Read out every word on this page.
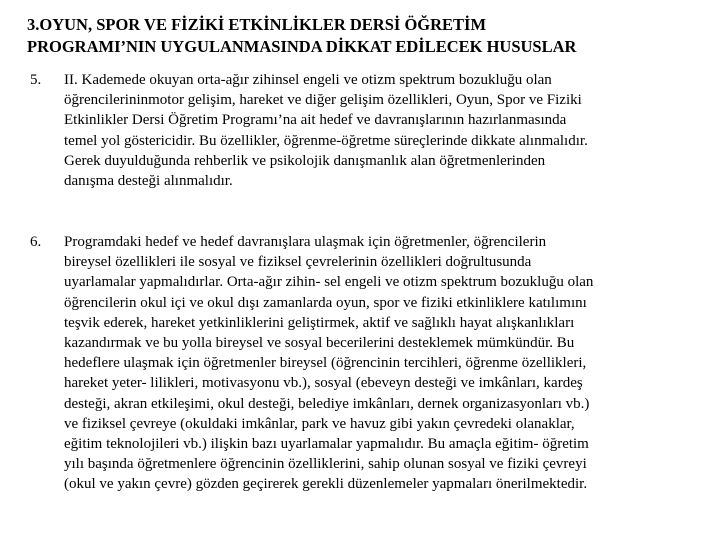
3.OYUN, SPOR VE FİZİKİ ETKİNLİKLER DERSİ ÖĞRETİM
PROGRAMI’NIN UYGULANMASINDA DİKKAT EDİLECEK HUSUSLAR
5.	II. Kademede okuyan orta-ağır zihinsel engeli ve otizm spektrum bozukluğu olan
öğrencilerininmotor gelişim, hareket ve diğer gelişim özellikleri, Oyun, Spor ve Fiziki
Etkinlikler Dersi Öğretim Programı’na ait hedef ve davranışlarının hazırlanmasında
temel yol göstericidir. Bu özellikler, öğrenme-öğretme süreçlerinde dikkate alınmalıdır.
Gerek duyulduğunda rehberlik ve psikolojik danışmanlık alan öğretmenlerinden
danışma desteği alınmalıdır.
6.	Programdaki hedef ve hedef davranışlara ulaşmak için öğretmenler, öğrencilerin
bireysel özellikleri ile sosyal ve fiziksel çevrelerinin özellikleri doğrultusunda
uyarlamalar yapmalıdırlar. Orta-ağır zihin- sel engeli ve otizm spektrum bozukluğu olan
öğrencilerin okul içi ve okul dışı zamanlarda oyun, spor ve fiziki etkinliklere katılımını
teşvik ederek, hareket yetkinliklerini geliştirmek, aktif ve sağlıklı hayat alışkanlıkları
kazandırmak ve bu yolla bireysel ve sosyal becerilerini desteklemek mümkündür. Bu
hedeflere ulaşmak için öğretmenler bireysel (öğrencinin tercihleri, öğrenme özellikleri,
hareket yeter- lilikleri, motivasyonu vb.), sosyal (ebeveyn desteği ve imkânları, kardeş
desteği, akran etkileşimi, okul desteği, belediye imkânları, dernek organizasyonları vb.)
ve fiziksel çevreye (okuldaki imkânlar, park ve havuz gibi yakın çevredeki olanaklar,
eğitim teknolojileri vb.) ilişkin bazı uyarlamalar yapmalıdır. Bu amaçla eğitim- öğretim
yılı başında öğretmenlere öğrencinin özelliklerini, sahip olunan sosyal ve fiziki çevreyi
(okul ve yakın çevre) gözden geçirerek gerekli düzenlemeler yapmaları önerilmektedir.
